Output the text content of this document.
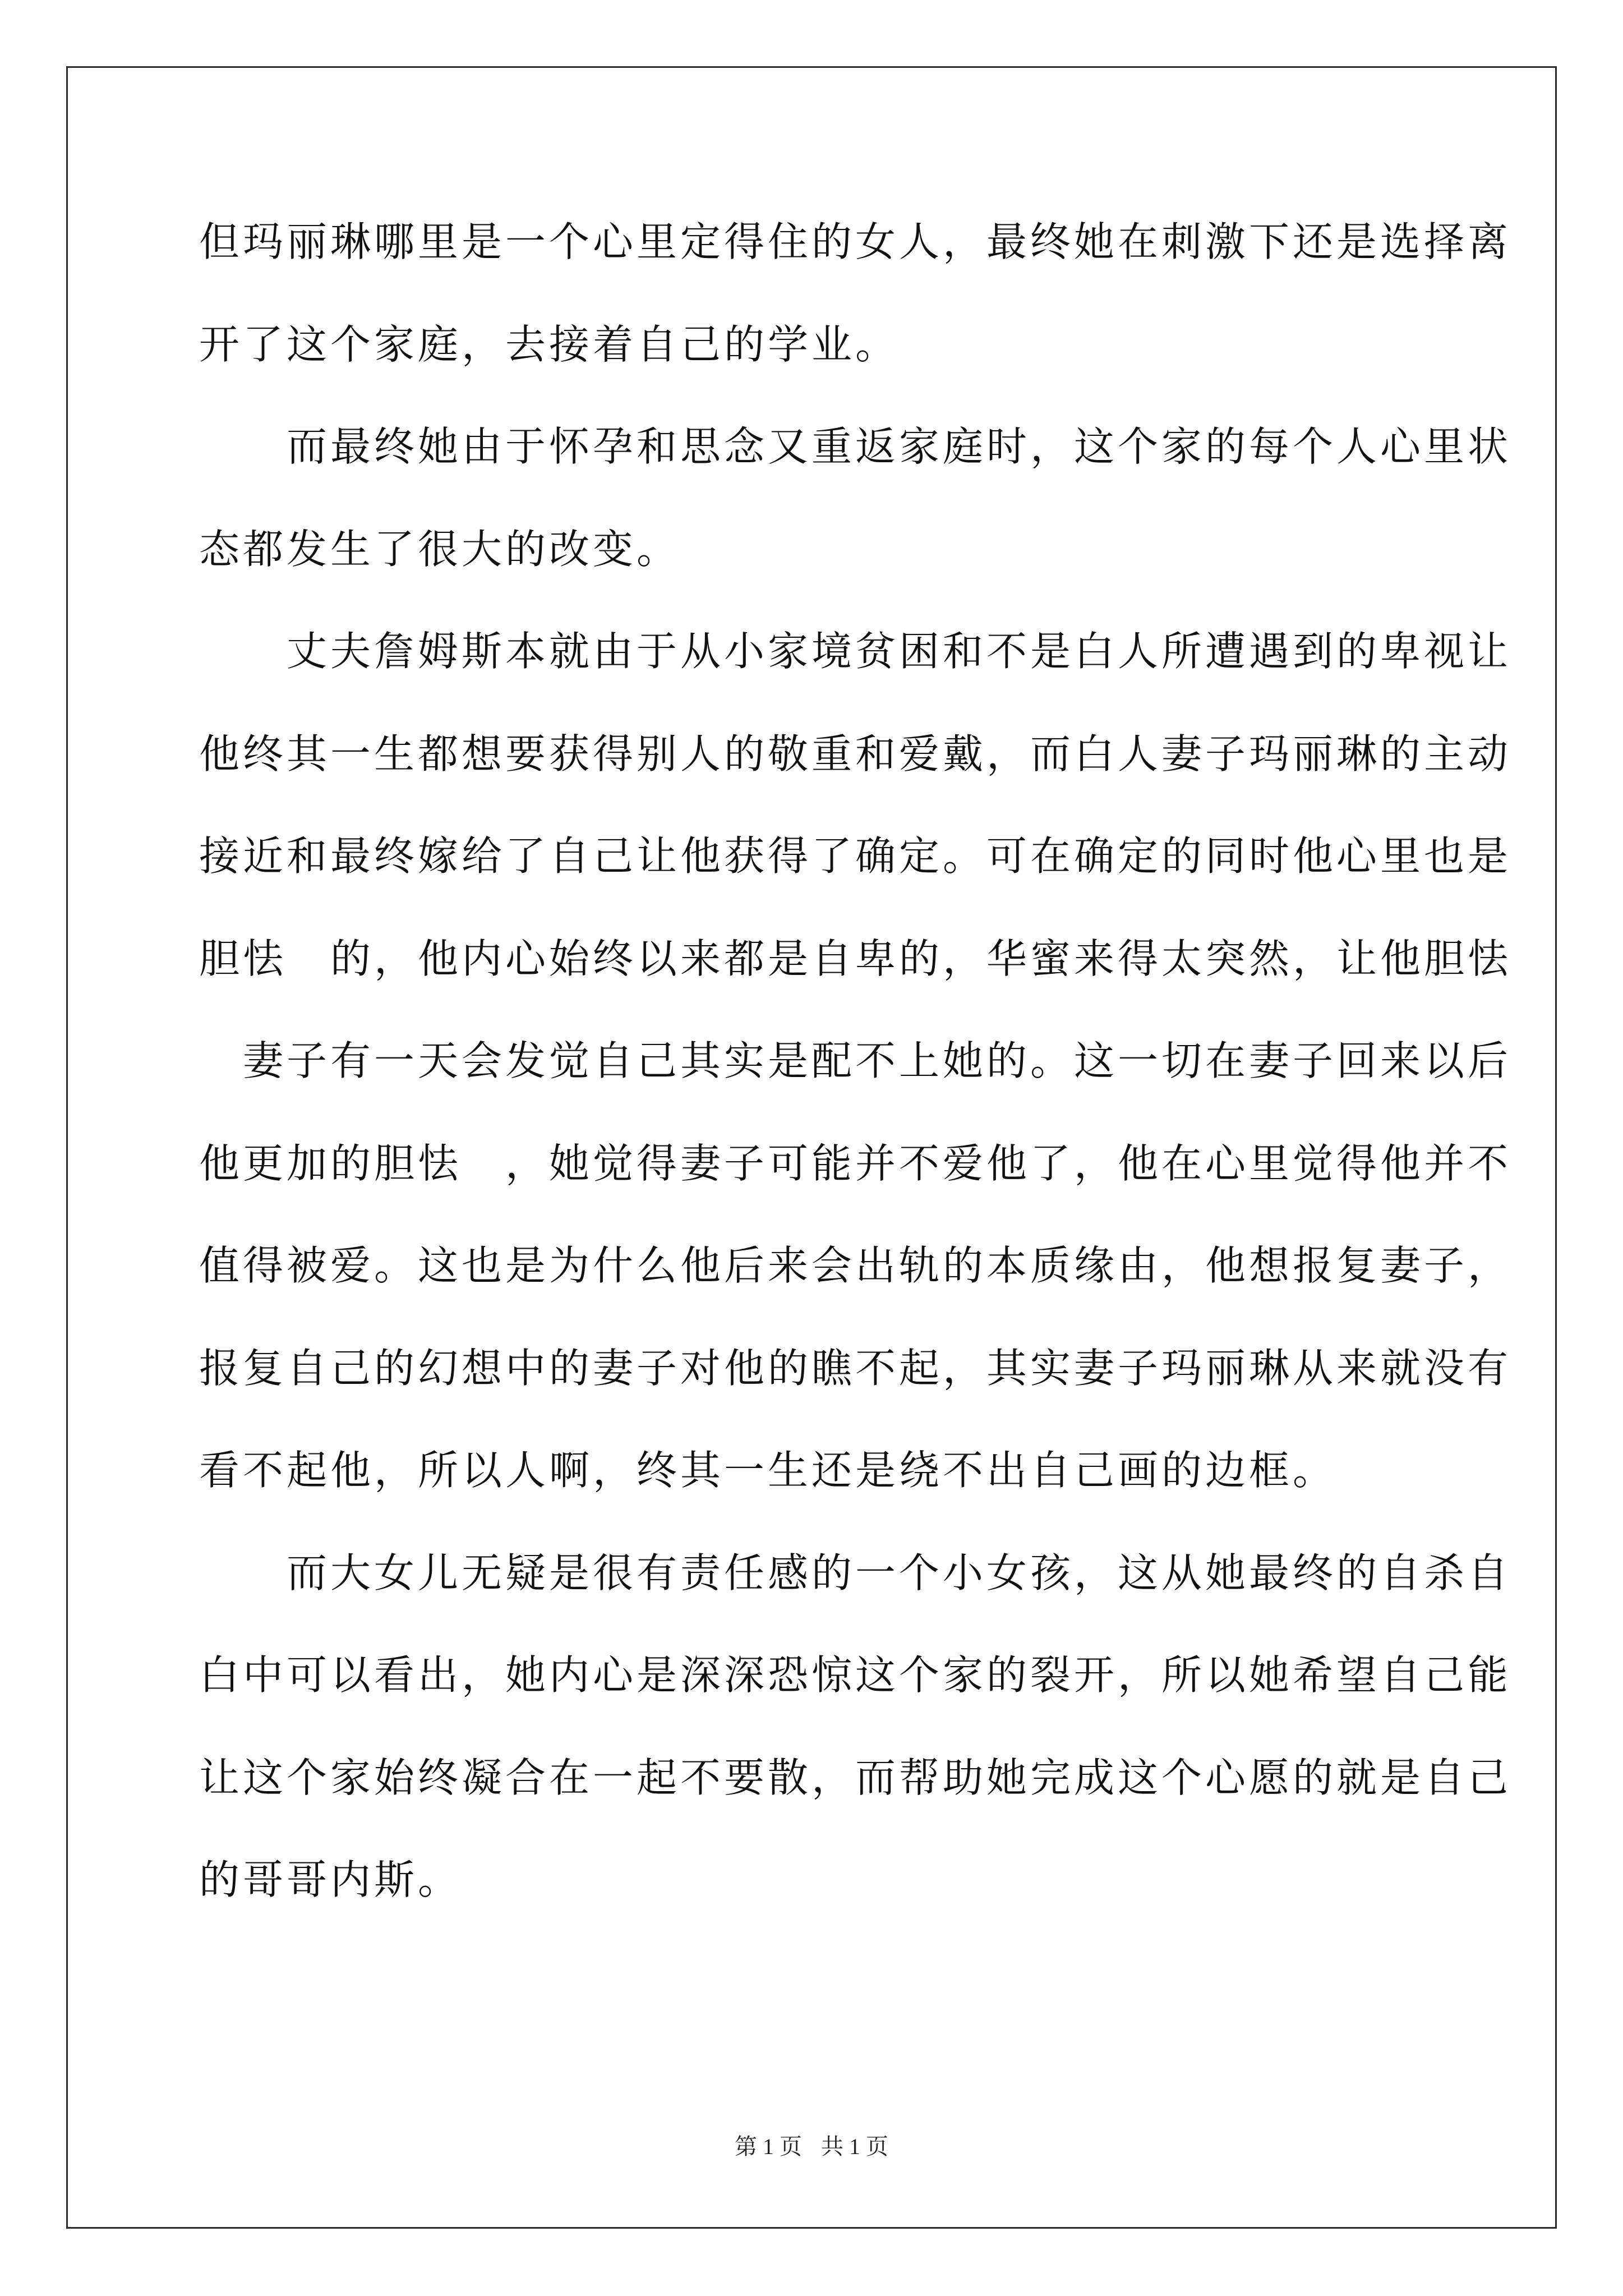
但玛丽琳哪里是一个心里定得住的女人，最终她在刺激下还是选择离
开了这个家庭，去接着自己的学业。
　　而最终她由于怀孕和思念又重返家庭时，这个家的每个人心里状
态都发生了很大的改变。
　　丈夫詹姆斯本就由于从小家境贫困和不是白人所遭遇到的卑视让
他终其一生都想要获得别人的敬重和爱戴，而白人妻子玛丽琳的主动
接近和最终嫁给了自己让他获得了确定。可在确定的同时他心里也是
胆怯　的，他内心始终以来都是自卑的，华蜜来得太突然，让他胆怯
　妻子有一天会发觉自己其实是配不上她的。这一切在妻子回来以后
他更加的胆怯　，她觉得妻子可能并不爱他了，他在心里觉得他并不
值得被爱。这也是为什么他后来会出轨的本质缘由，他想报复妻子，
报复自己的幻想中的妻子对他的瞧不起，其实妻子玛丽琳从来就没有
看不起他，所以人啊，终其一生还是绕不出自己画的边框。
　　而大女儿无疑是很有责任感的一个小女孩，这从她最终的自杀自
白中可以看出，她内心是深深恐惊这个家的裂开，所以她希望自己能
让这个家始终凝合在一起不要散，而帮助她完成这个心愿的就是自己
的哥哥内斯。
第 1 页 共 1 页
